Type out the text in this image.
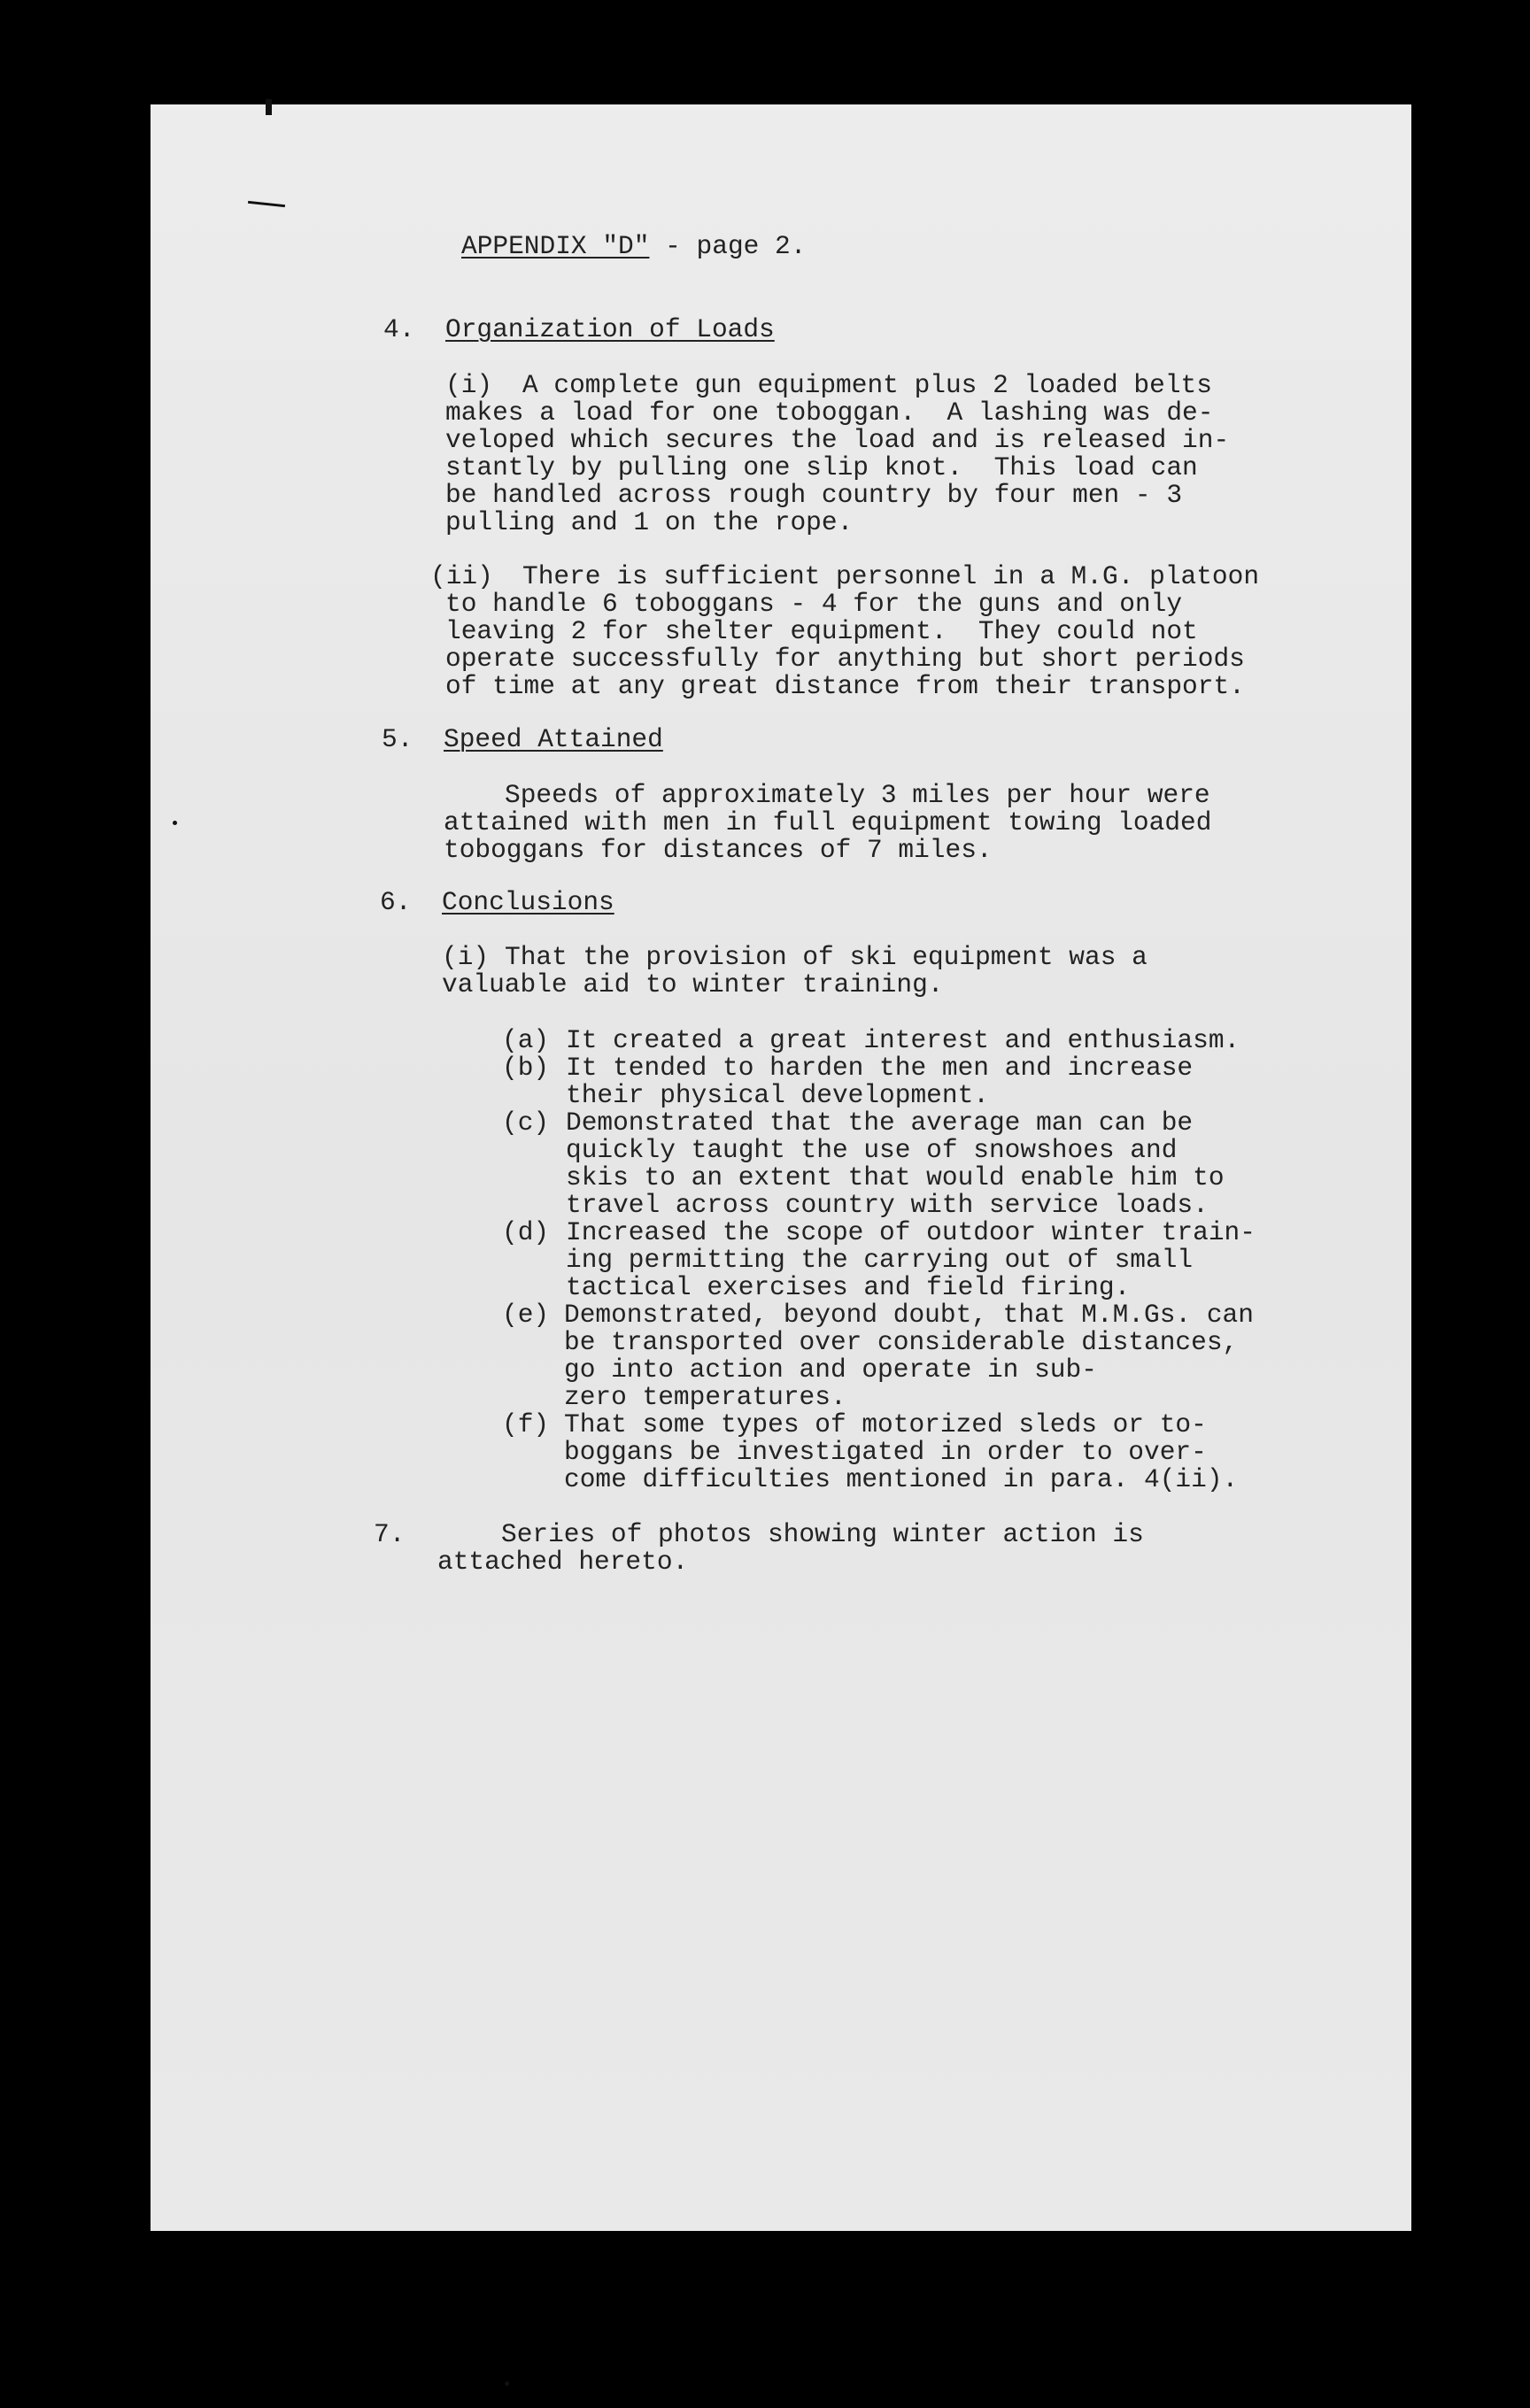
APPENDIX "D" - page 2.
4. Organization of Loads
(i) A complete gun equipment plus 2 loaded belts
makes a load for one toboggan.  A lashing was de-
veloped which secures the load and is released in-
stantly by pulling one slip knot.  This load can
be handled across rough country by four men - 3
pulling and 1 on the rope.
(ii) There is sufficient personnel in a M.G. platoon
to handle 6 toboggans - 4 for the guns and only
leaving 2 for shelter equipment.  They could not
operate successfully for anything but short periods
of time at any great distance from their transport.
5. Speed Attained
Speeds of approximately 3 miles per hour were
attained with men in full equipment towing loaded
toboggans for distances of 7 miles.
6. Conclusions
(i) That the provision of ski equipment was a
valuable aid to winter training.
(a) It created a great interest and enthusiasm.
(b) It tended to harden the men and increase
their physical development.
(c) Demonstrated that the average man can be
quickly taught the use of snowshoes and
skis to an extent that would enable him to
travel across country with service loads.
(d) Increased the scope of outdoor winter train-
ing permitting the carrying out of small
tactical exercises and field firing.
(e) Demonstrated, beyond doubt, that M.M.Gs. can
be transported over considerable distances,
go into action and operate in sub-
zero temperatures.
(f) That some types of motorized sleds or to-
boggans be investigated in order to over-
come difficulties mentioned in para. 4(ii).
7.	Series of photos showing winter action is
attached hereto.
